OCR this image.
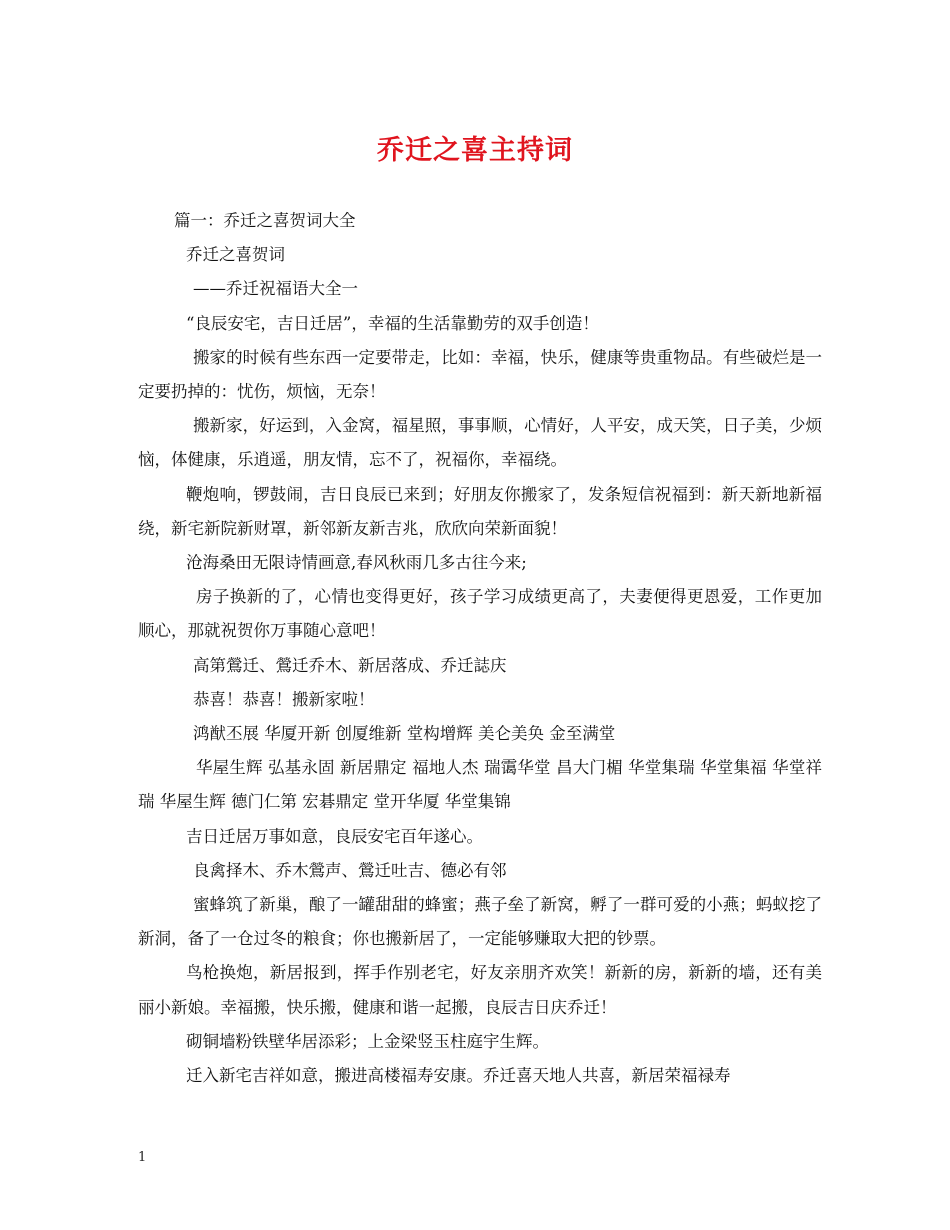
乔迁之喜主持词

篇一：乔迁之喜贺词大全

乔迁之喜贺词

——乔迁祝福语大全一

“良辰安宅，吉日迁居”，幸福的生活靠勤劳的双手创造！

搬家的时候有些东西一定要带走，比如：幸福，快乐，健康等贵重物品。有些破烂是一定要扔掉的：忧伤，烦恼，无奈！

搬新家，好运到，入金窝，福星照，事事顺，心情好，人平安，成天笑，日子美，少烦恼，体健康，乐逍遥，朋友情，忘不了，祝福你，幸福绕。

鞭炮响，锣鼓闹，吉日良辰已来到；好朋友你搬家了，发条短信祝福到：新天新地新福绕，新宅新院新财罩，新邻新友新吉兆，欣欣向荣新面貌！

沧海桑田无限诗情画意,春风秋雨几多古往今来;

房子换新的了，心情也变得更好，孩子学习成绩更高了，夫妻便得更恩爱，工作更加顺心，那就祝贺你万事随心意吧！

高第鶯迁、鶯迁乔木、新居落成、乔迁誌庆

恭喜！恭喜！搬新家啦！

鸿猷丕展 华厦开新 创厦维新 堂构增辉 美仑美奂 金至满堂

华屋生辉 弘基永固 新居鼎定 福地人杰 瑞霭华堂 昌大门楣 华堂集瑞 华堂集福 华堂祥瑞 华屋生辉 德门仁第 宏碁鼎定 堂开华厦 华堂集锦

吉日迁居万事如意，良辰安宅百年遂心。

良禽择木、乔木鶯声、鶯迁吐吉、德必有邻

蜜蜂筑了新巢，酿了一罐甜甜的蜂蜜；燕子垒了新窝，孵了一群可爱的小燕；蚂蚁挖了新洞，备了一仓过冬的粮食；你也搬新居了，一定能够赚取大把的钞票。

鸟枪换炮，新居报到，挥手作别老宅，好友亲朋齐欢笑！新新的房，新新的墙，还有美丽小新娘。幸福搬，快乐搬，健康和谐一起搬，良辰吉日庆乔迁！

砌铜墙粉铁壁华居添彩；上金梁竖玉柱庭宇生辉。

迁入新宅吉祥如意，搬进高楼福寿安康。乔迁喜天地人共喜，新居荣福禄寿

1
